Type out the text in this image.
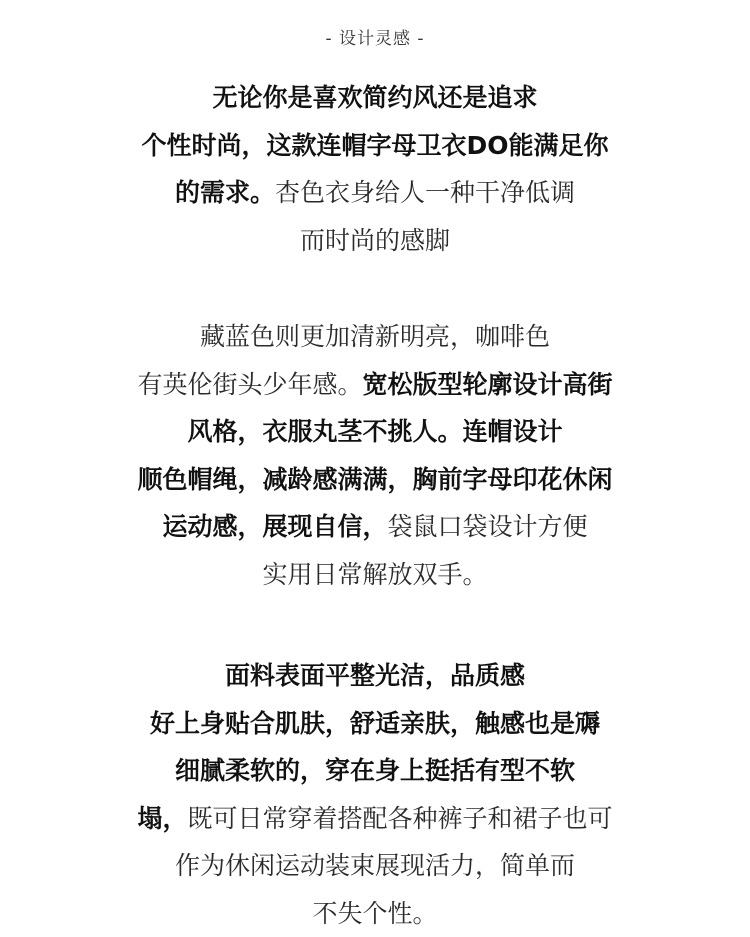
- 设计灵感 -
无论你是喜欢简约风还是追求
个性时尚，这款连帽字母卫衣DO能满足你
的需求。杏色衣身给人一种干净低调
而时尚的感脚
藏蓝色则更加清新明亮，咖啡色
有英伦街头少年感。宽松版型轮廓设计高街
风格，衣服丸茎不挑人。连帽设计
顺色帽绳，减龄感满满，胸前字母印花休闲
运动感，展现自信，袋鼠口袋设计方便
实用日常解放双手。
面料表面平整光洁，品质感
好上身贴合肌肤，舒适亲肤，触感也是䢆
细腻柔软的，穿在身上挺括有型不软
塌，既可日常穿着搭配各种裤子和裙子也可
作为休闲运动装束展现活力，简单而
不失个性。
